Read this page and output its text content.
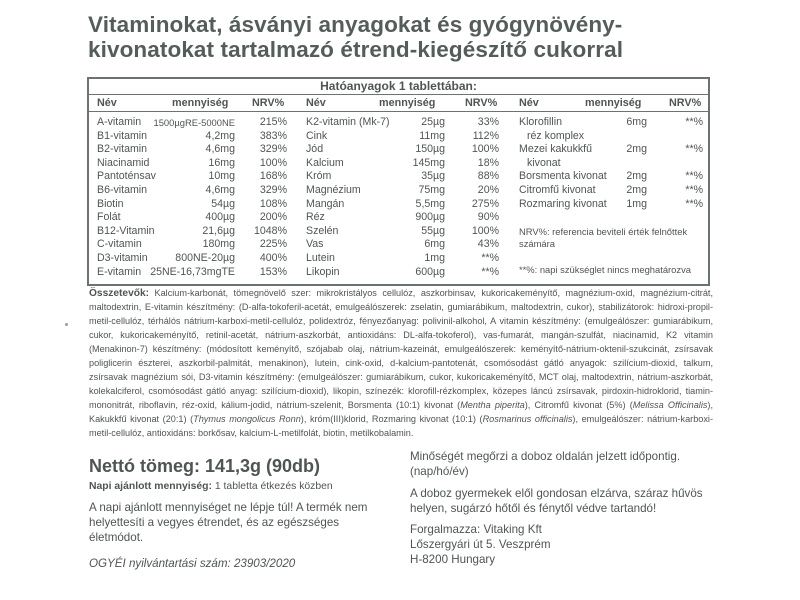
Vitaminokat, ásványi anyagokat és gyógynövény-
kivonatokat tartalmazó étrend-kiegészítő cukorral
Hatóanyagok 1 tablettában:
Név	mennyiség NRV% Név	mennyiség	NRV% Név	mennyiség	NRV%
A-vitamin	1500µgRE-5000NE	215%
B1-vitamin	4,2mg	383%
B2-vitamin	4,6mg	329%
Niacinamid	16mg	100%
Pantoténsav	10mg	168%
B6-vitamin	4,6mg	329%
Biotin	54µg	108%
Folát	400µg	200%
B12-Vitamin	21,6µg	1048%
C-vitamin	180mg	225%
D3-vitamin	800NE-20µg	400%
E-vitamin 25NE-16,73mgTE	153%
K2-vitamin (Mk-7)	25µg	33%
Cink	11mg	112%
Jód	150µg	100%
Kalcium	145mg	18%
Króm	35µg	88%
Magnézium	75mg	20%
Mangán	5,5mg	275%
Réz	900µg	90%
Szelén	55µg	100%
Vas	6mg	43%
Lutein	1mg	**%
Likopin	600µg	**%
Klorofillin	6mg	**%
réz komplex
Mezei kakukkfű	2mg	**%
kivonat
Borsmenta kivonat	2mg	**%
Citromfű kivonat	2mg	**%
Rozmaring kivonat	1mg	**%
NRV%: referencia beviteli érték felnőttek
számára
**%: napi szükséglet nincs meghatározva
Összetevők: Kalcium-karbonát, tömegnövelő szer: mikrokristályos cellulóz, aszkorbinsav, kukoricakeményítő, magnézium-oxid, magnézium-citrát, maltodextrin, E-vitamin készítmény: (D-alfa-tokoferil-acetát, emulgeálószerek: zselatin, gumiarábikum, maltodextrin, cukor), stabilizátorok: hidroxi-propil-metil-cellulóz, térhálós nátrium-karboxi-metil-cellulóz, polidextróz, fényezőanyag: polivinil-alkohol, A vitamin készítmény: (emulgeálószer: gumiarábikum, cukor, kukoricakeményítő, retinil-acetát, nátrium-aszkorbát, antioxidáns: DL-alfa-tokoferol), vas-fumarát, mangán-szulfát, niacinamid, K2 vitamin (Menakinon-7) készítmény: (módosított keményítő, szójabab olaj, nátrium-kazeinát, emulgeálószerek: keményítő-nátrium-oktenil-szukcinát, zsírsavak poliglicerin észterei, aszkorbil-palmitát, menakinon), lutein, cink-oxid, d-kalcium-pantotenát, csomósodást gátló anyagok: szilícium-dioxid, talkum, zsírsavak magnézium sói, D3-vitamin készítmény: (emulgeálószer: gumiarábikum, cukor, kukoricakeményítő, MCT olaj, maltodextrin, nátrium-aszkorbát, kolekalciferol, csomósodást gátló anyag: szilícium-dioxid), likopin, színezék: klorofill-rézkomplex, közepes láncú zsírsavak, pirdoxin-hidroklorid, tiamin-mononitrát, riboflavin, réz-oxid, kálium-jodid, nátrium-szelenit, Borsmenta (10:1) kivonat (Mentha piperita), Citromfű kivonat (5%) (Melissa Officinalis), Kakukkfű kivonat (20:1) (Thymus mongolicus Ronn), króm(III)klorid, Rozmaring kivonat (10:1) (Rosmarinus officinalis), emulgeálószer: nátrium-karboxi-metil-cellulóz, antioxidáns: borkősav, kalcium-L-metilfolát, biotin, metilkobalamin.
Nettó tömeg: 141,3g (90db)
Napi ajánlott mennyiség: 1 tabletta étkezés közben
A napi ajánlott mennyiséget ne lépje túl! A termék nem helyettesíti a vegyes étrendet, és az egészséges életmódot.
OGYÉI nyilvántartási szám: 23903/2020
Minőségét megőrzi a doboz oldalán jelzett időpontig. (nap/hó/év)
A doboz gyermekek elől gondosan elzárva, száraz hűvös helyen, sugárzó hőtől és fénytől védve tartandó!
Forgalmazza: Vitaking Kft
Lőszergyári út 5. Veszprém
H-8200 Hungary
